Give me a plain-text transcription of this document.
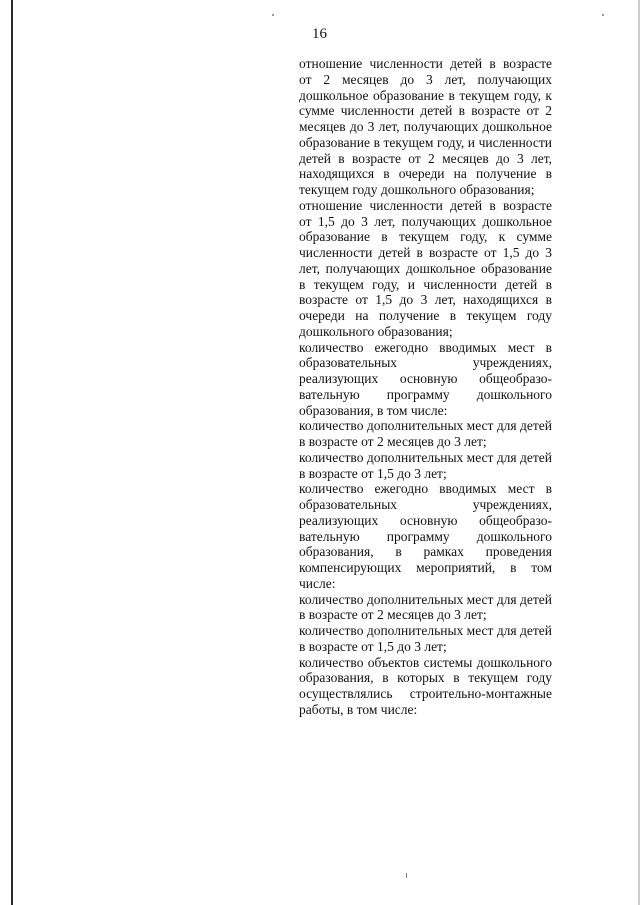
16

отношение численности детей в возрасте от 2 месяцев до 3 лет, получающих дошкольное образование в текущем году, к сумме численности детей в возрасте от 2 месяцев до 3 лет, получающих дошкольное образование в текущем году, и численности детей в возрасте от 2 месяцев до 3 лет, находящихся в очереди на получение в текущем году дошкольного образования;

отношение численности детей в возрасте от 1,5 до 3 лет, получающих дошкольное образование в текущем году, к сумме численности детей в возрасте от 1,5 до 3 лет, получающих дошкольное образование в текущем году, и численности детей в возрасте от 1,5 до 3 лет, находящихся в очереди на получение в текущем году дошкольного образования;

количество ежегодно вводимых мест в образовательных учреждениях, реализующих основную общеобразовательную программу дошкольного образования, в том числе:

количество дополнительных мест для детей в возрасте от 2 месяцев до 3 лет;

количество дополнительных мест для детей в возрасте от 1,5 до 3 лет;

количество ежегодно вводимых мест в образовательных учреждениях, реализующих основную общеобразовательную программу дошкольного образования, в рамках проведения компенсирующих мероприятий, в том числе:

количество дополнительных мест для детей в возрасте от 2 месяцев до 3 лет;

количество дополнительных мест для детей в возрасте от 1,5 до 3 лет;

количество объектов системы дошкольного образования, в которых в текущем году осуществлялись строительно-монтажные работы, в том числе:
